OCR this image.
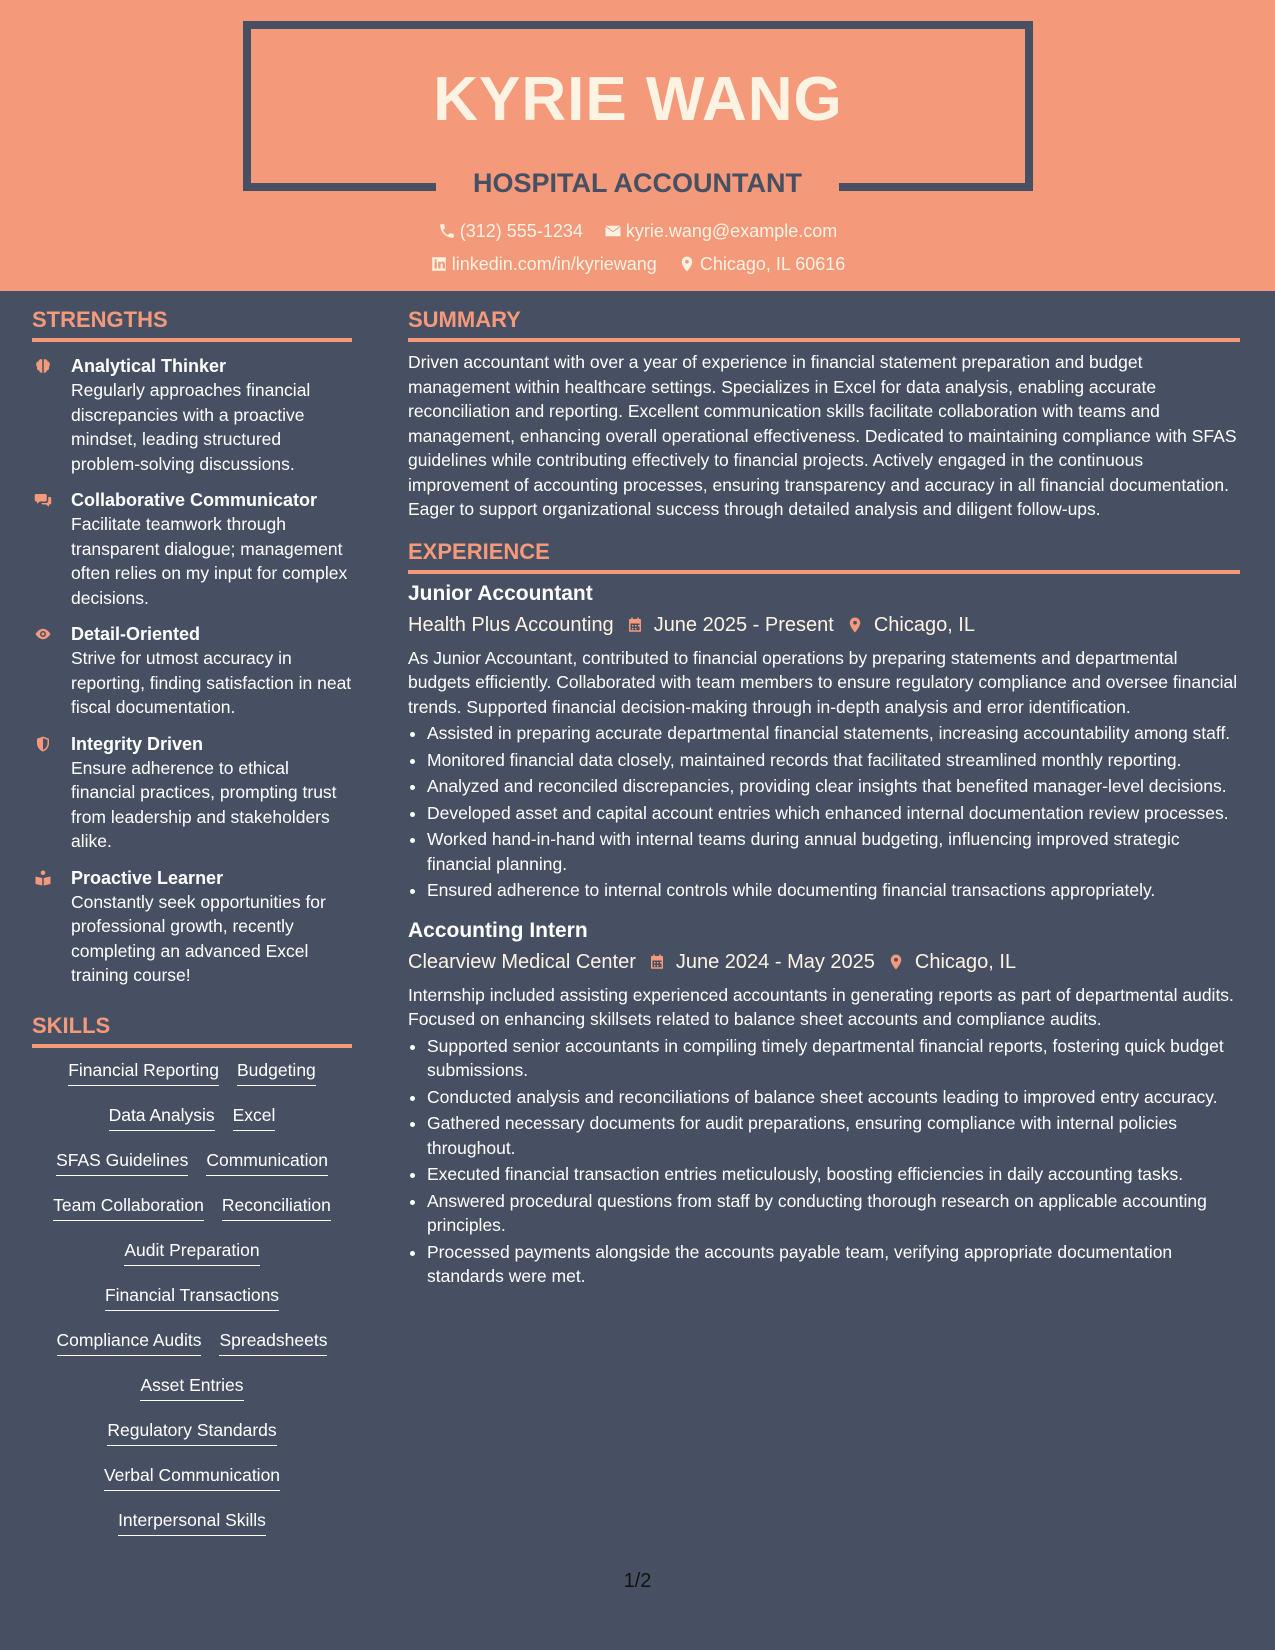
KYRIE WANG
HOSPITAL ACCOUNTANT
(312) 555-1234
kyrie.wang@example.com
linkedin.com/in/kyriewang
Chicago, IL 60616
STRENGTHS
Analytical Thinker
Regularly approaches financial discrepancies with a proactive mindset, leading structured problem-solving discussions.
Collaborative Communicator
Facilitate teamwork through transparent dialogue; management often relies on my input for complex decisions.
Detail-Oriented
Strive for utmost accuracy in reporting, finding satisfaction in neat fiscal documentation.
Integrity Driven
Ensure adherence to ethical financial practices, prompting trust from leadership and stakeholders alike.
Proactive Learner
Constantly seek opportunities for professional growth, recently completing an advanced Excel training course!
SKILLS
Financial Reporting Budgeting
Data Analysis Excel
SFAS Guidelines Communication
Team Collaboration Reconciliation
Audit Preparation
Financial Transactions
Compliance Audits Spreadsheets
Asset Entries
Regulatory Standards
Verbal Communication
Interpersonal Skills
SUMMARY
Driven accountant with over a year of experience in financial statement preparation and budget management within healthcare settings. Specializes in Excel for data analysis, enabling accurate reconciliation and reporting. Excellent communication skills facilitate collaboration with teams and management, enhancing overall operational effectiveness. Dedicated to maintaining compliance with SFAS guidelines while contributing effectively to financial projects. Actively engaged in the continuous improvement of accounting processes, ensuring transparency and accuracy in all financial documentation. Eager to support organizational success through detailed analysis and diligent follow-ups.
EXPERIENCE
Junior Accountant
Health Plus Accounting June 2025 - Present Chicago, IL
As Junior Accountant, contributed to financial operations by preparing statements and departmental budgets efficiently. Collaborated with team members to ensure regulatory compliance and oversee financial trends. Supported financial decision-making through in-depth analysis and error identification.
• Assisted in preparing accurate departmental financial statements, increasing accountability among staff.
• Monitored financial data closely, maintained records that facilitated streamlined monthly reporting.
• Analyzed and reconciled discrepancies, providing clear insights that benefited manager-level decisions.
• Developed asset and capital account entries which enhanced internal documentation review processes.
• Worked hand-in-hand with internal teams during annual budgeting, influencing improved strategic financial planning.
• Ensured adherence to internal controls while documenting financial transactions appropriately.
Accounting Intern
Clearview Medical Center June 2024 - May 2025 Chicago, IL
Internship included assisting experienced accountants in generating reports as part of departmental audits. Focused on enhancing skillsets related to balance sheet accounts and compliance audits.
• Supported senior accountants in compiling timely departmental financial reports, fostering quick budget submissions.
• Conducted analysis and reconciliations of balance sheet accounts leading to improved entry accuracy.
• Gathered necessary documents for audit preparations, ensuring compliance with internal policies throughout.
• Executed financial transaction entries meticulously, boosting efficiencies in daily accounting tasks.
• Answered procedural questions from staff by conducting thorough research on applicable accounting principles.
• Processed payments alongside the accounts payable team, verifying appropriate documentation standards were met.
1/2
